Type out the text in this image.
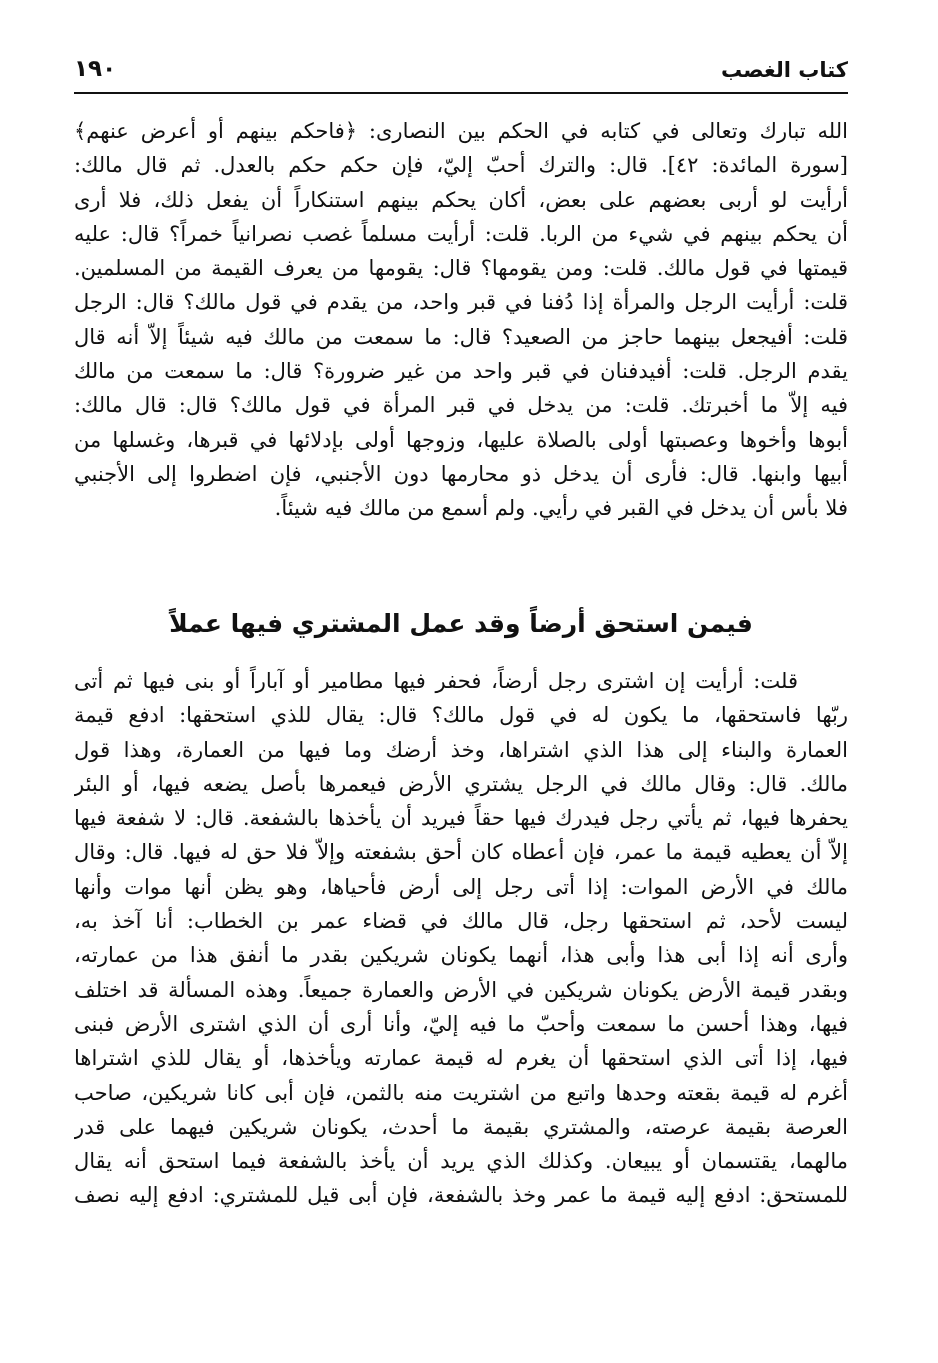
كتاب الغصب
١٩٠
الله تبارك وتعالى في كتابه في الحكم بين النصارى: ﴿فاحكم بينهم أو أعرض عنهم﴾
[سورة المائدة: ٤٢]. قال: والترك أحبّ إليّ، فإن حكم حكم بالعدل. ثم قال مالك:
أرأيت لو أربى بعضهم على بعض، أكان يحكم بينهم استنكاراً أن يفعل ذلك، فلا أرى
أن يحكم بينهم في شيء من الربا. قلت: أرأيت مسلماً غصب نصرانياً خمراً؟ قال: عليه
قيمتها في قول مالك. قلت: ومن يقومها؟ قال: يقومها من يعرف القيمة من المسلمين.
قلت: أرأيت الرجل والمرأة إذا دُفنا في قبر واحد، من يقدم في قول مالك؟ قال: الرجل
قلت: أفيجعل بينهما حاجز من الصعيد؟ قال: ما سمعت من مالك فيه شيئاً إلاّ أنه قال
يقدم الرجل. قلت: أفيدفنان في قبر واحد من غير ضرورة؟ قال: ما سمعت من مالك
فيه إلاّ ما أخبرتك. قلت: من يدخل في قبر المرأة في قول مالك؟ قال: قال مالك:
أبوها وأخوها وعصبتها أولى بالصلاة عليها، وزوجها أولى بإدلائها في قبرها، وغسلها من
أبيها وابنها. قال: فأرى أن يدخل ذو محارمها دون الأجنبي، فإن اضطروا إلى الأجنبي
فلا بأس أن يدخل في القبر في رأيي. ولم أسمع من مالك فيه شيئاً.
فيمن استحق أرضاً وقد عمل المشتري فيها عملاً
قلت: أرأيت إن اشترى رجل أرضاً، فحفر فيها مطامير أو آباراً أو بنى فيها ثم أتى
ربّها فاستحقها، ما يكون له في قول مالك؟ قال: يقال للذي استحقها: ادفع قيمة
العمارة والبناء إلى هذا الذي اشتراها، وخذ أرضك وما فيها من العمارة، وهذا قول
مالك. قال: وقال مالك في الرجل يشتري الأرض فيعمرها بأصل يضعه فيها، أو البئر
يحفرها فيها، ثم يأتي رجل فيدرك فيها حقاً فيريد أن يأخذها بالشفعة. قال: لا شفعة فيها
إلاّ أن يعطيه قيمة ما عمر، فإن أعطاه كان أحق بشفعته وإلاّ فلا حق له فيها. قال: وقال
مالك في الأرض الموات: إذا أتى رجل إلى أرض فأحياها، وهو يظن أنها موات وأنها
ليست لأحد، ثم استحقها رجل، قال مالك في قضاء عمر بن الخطاب: أنا آخذ به،
وأرى أنه إذا أبى هذا وأبى هذا، أنهما يكونان شريكين بقدر ما أنفق هذا من عمارته،
وبقدر قيمة الأرض يكونان شريكين في الأرض والعمارة جميعاً. وهذه المسألة قد اختلف
فيها، وهذا أحسن ما سمعت وأحبّ ما فيه إليّ، وأنا أرى أن الذي اشترى الأرض فبنى
فيها، إذا أتى الذي استحقها أن يغرم له قيمة عمارته ويأخذها، أو يقال للذي اشتراها
أغرم له قيمة بقعته وحدها واتبع من اشتريت منه بالثمن، فإن أبى كانا شريكين، صاحب
العرصة بقيمة عرصته، والمشتري بقيمة ما أحدث، يكونان شريكين فيهما على قدر
مالهما، يقتسمان أو يبيعان. وكذلك الذي يريد أن يأخذ بالشفعة فيما استحق أنه يقال
للمستحق: ادفع إليه قيمة ما عمر وخذ بالشفعة، فإن أبى قيل للمشتري: ادفع إليه نصف
